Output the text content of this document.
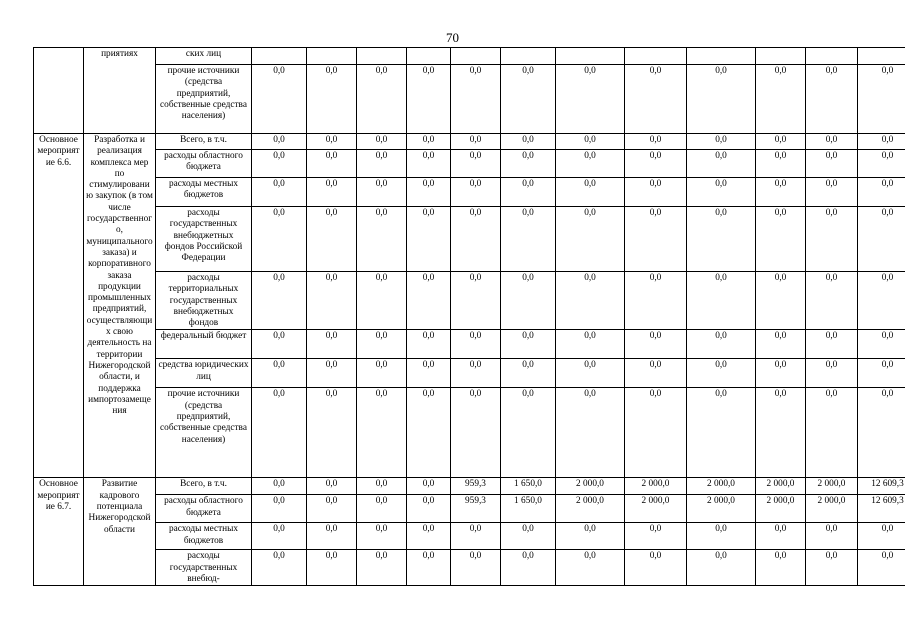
70
	приятиях	ских лиц												
		прочие источники (средства предприятий, собственные средства населения)	0,0	0,0	0,0	0,0	0,0	0,0	0,0	0,0	0,0	0,0	0,0	0,0
Основное мероприятие 6.6.	Разработка и реализация комплекса мер по стимулированию закупок (в том числе государственного, муниципального заказа) и корпоративного заказа продукции промышленных предприятий, осуществляющих свою деятельность на территории Нижегородской области, и поддержка импортозамещения	Всего, в т.ч.	0,0	0,0	0,0	0,0	0,0	0,0	0,0	0,0	0,0	0,0	0,0	0,0
		расходы областного бюджета	0,0	0,0	0,0	0,0	0,0	0,0	0,0	0,0	0,0	0,0	0,0	0,0
		расходы местных бюджетов	0,0	0,0	0,0	0,0	0,0	0,0	0,0	0,0	0,0	0,0	0,0	0,0
		расходы государственных внебюджетных фондов Российской Федерации	0,0	0,0	0,0	0,0	0,0	0,0	0,0	0,0	0,0	0,0	0,0	0,0
		расходы территориальных государственных внебюджетных фондов	0,0	0,0	0,0	0,0	0,0	0,0	0,0	0,0	0,0	0,0	0,0	0,0
		федеральный бюджет	0,0	0,0	0,0	0,0	0,0	0,0	0,0	0,0	0,0	0,0	0,0	0,0
		средства юридических лиц	0,0	0,0	0,0	0,0	0,0	0,0	0,0	0,0	0,0	0,0	0,0	0,0
		прочие источники (средства предприятий, собственные средства населения)	0,0	0,0	0,0	0,0	0,0	0,0	0,0	0,0	0,0	0,0	0,0	0,0
Основное мероприятие 6.7.	Развитие кадрового потенциала Нижегородской области	Всего, в т.ч.	0,0	0,0	0,0	0,0	959,3	1 650,0	2 000,0	2 000,0	2 000,0	2 000,0	2 000,0	12 609,3
		расходы областного бюджета	0,0	0,0	0,0	0,0	959,3	1 650,0	2 000,0	2 000,0	2 000,0	2 000,0	2 000,0	12 609,3
		расходы местных бюджетов	0,0	0,0	0,0	0,0	0,0	0,0	0,0	0,0	0,0	0,0	0,0	0,0
		расходы государственных внебюд-	0,0	0,0	0,0	0,0	0,0	0,0	0,0	0,0	0,0	0,0	0,0	0,0
